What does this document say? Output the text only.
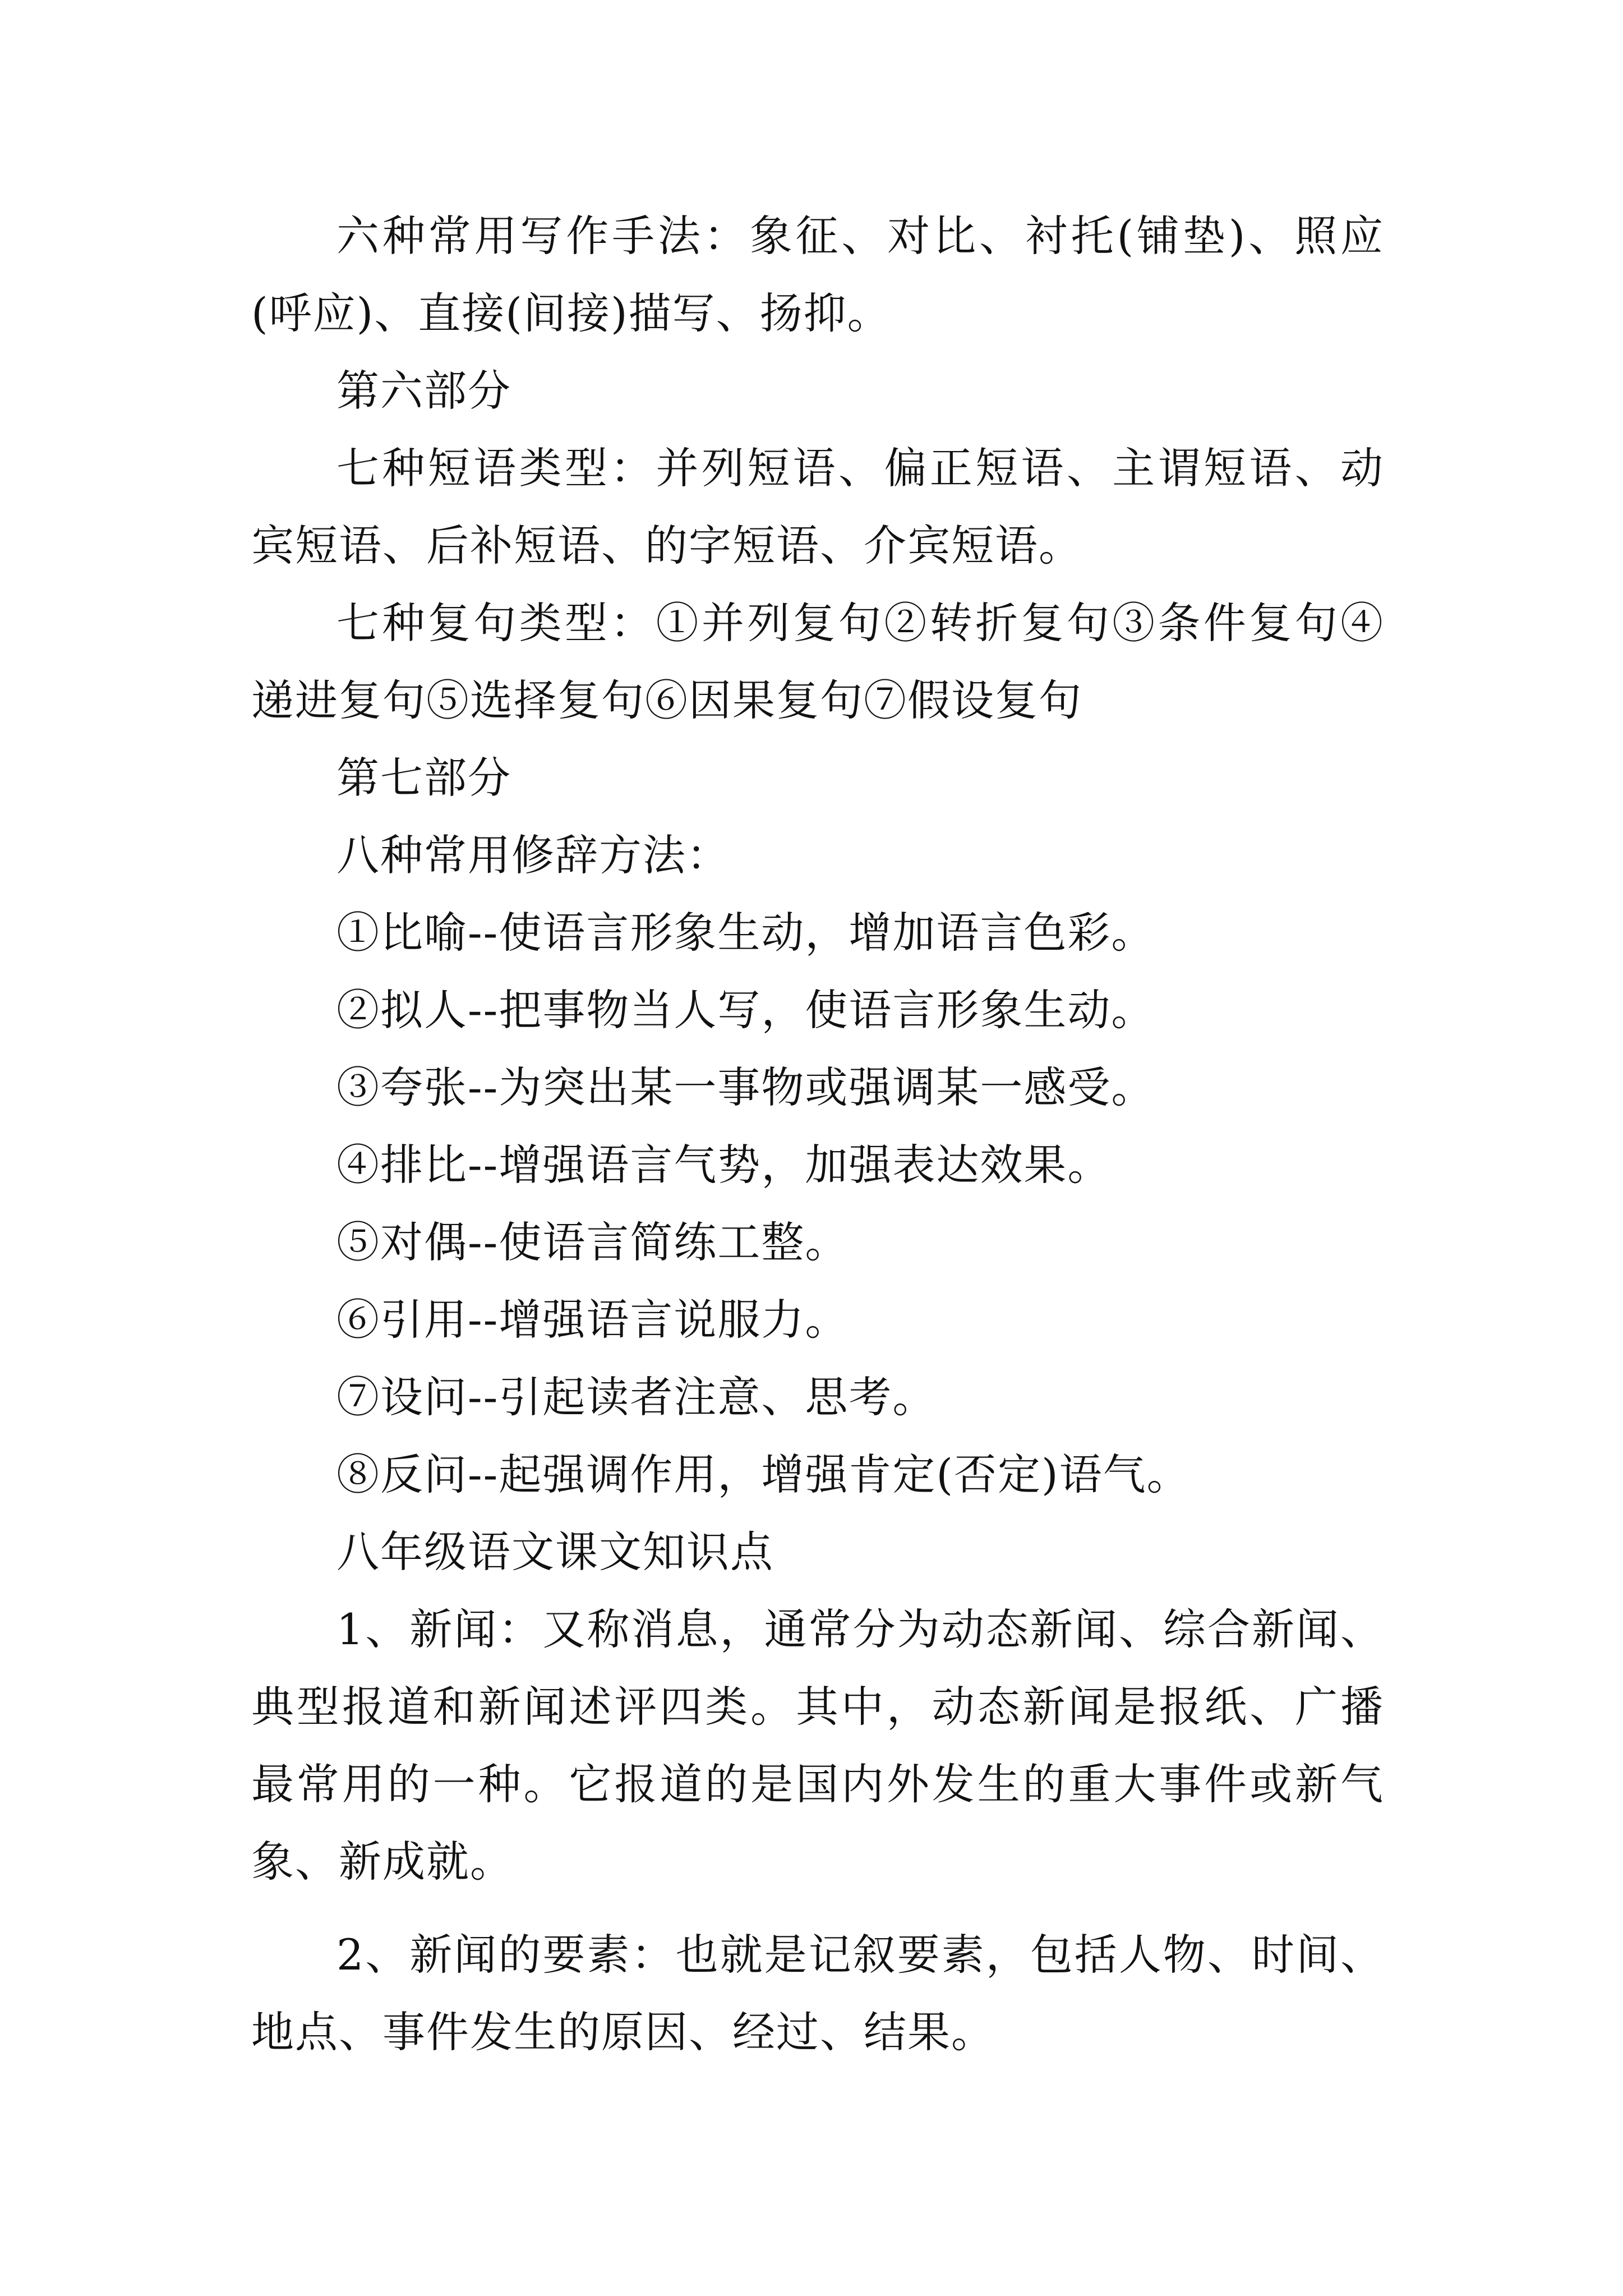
六种常用写作手法：象征、对比、衬托(铺垫)、照应(呼应)、直接(间接)描写、扬抑。

第六部分

七种短语类型：并列短语、偏正短语、主谓短语、动宾短语、后补短语、的字短语、介宾短语。

七种复句类型：①并列复句②转折复句③条件复句④递进复句⑤选择复句⑥因果复句⑦假设复句

第七部分

八种常用修辞方法：

①比喻--使语言形象生动，增加语言色彩。

②拟人--把事物当人写，使语言形象生动。

③夸张--为突出某一事物或强调某一感受。

④排比--增强语言气势，加强表达效果。

⑤对偶--使语言简练工整。

⑥引用--增强语言说服力。

⑦设问--引起读者注意、思考。

⑧反问--起强调作用，增强肯定(否定)语气。

八年级语文课文知识点

1、新闻：又称消息，通常分为动态新闻、综合新闻、典型报道和新闻述评四类。其中，动态新闻是报纸、广播最常用的一种。它报道的是国内外发生的重大事件或新气象、新成就。

2、新闻的要素：也就是记叙要素，包括人物、时间、地点、事件发生的原因、经过、结果。
